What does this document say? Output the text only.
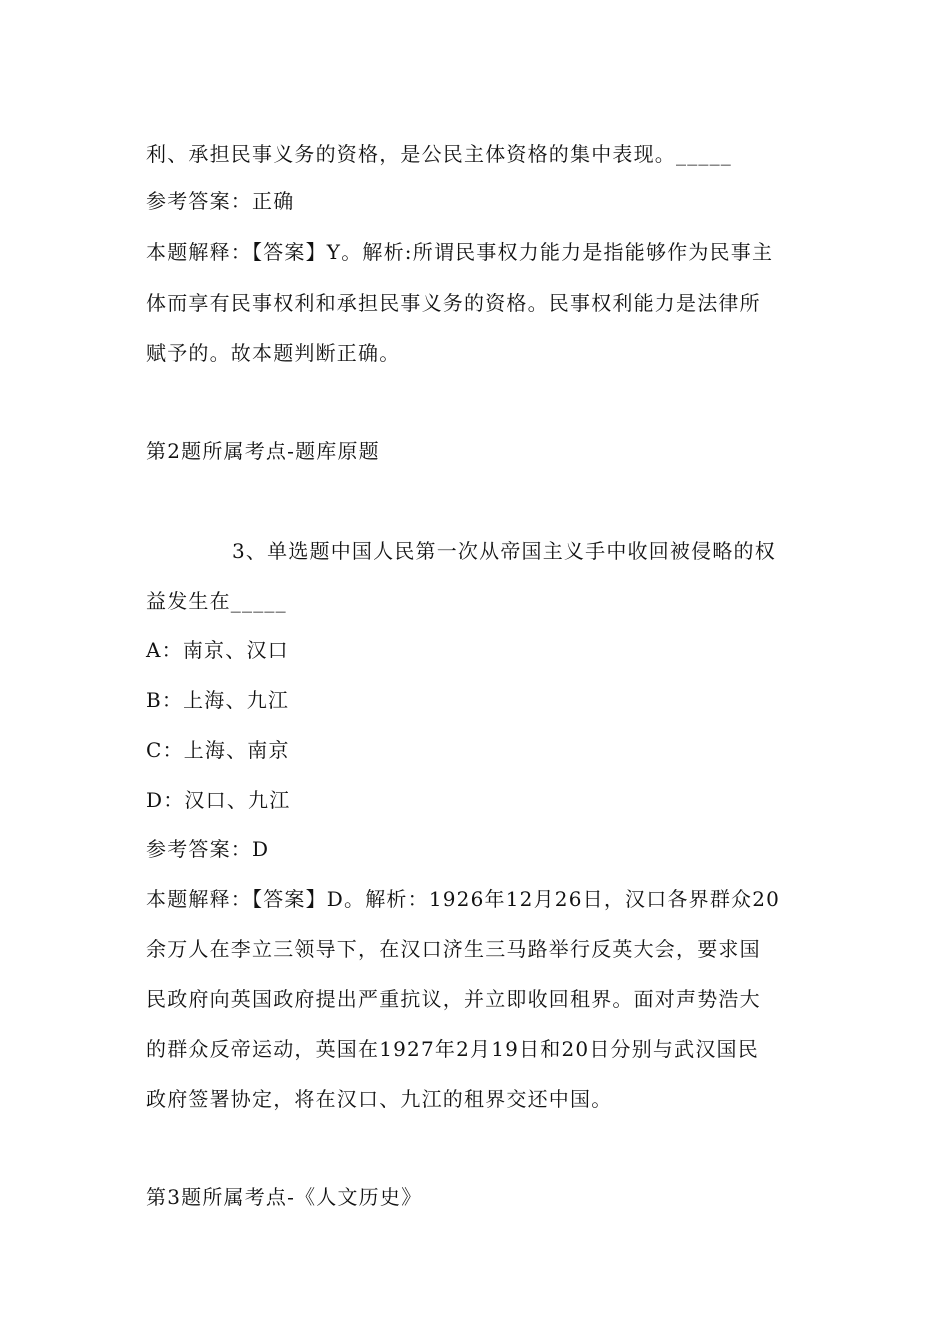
利、承担民事义务的资格，是公民主体资格的集中表现。_____
参考答案：正确
本题解释：【答案】Y。解析:所谓民事权力能力是指能够作为民事主
体而享有民事权利和承担民事义务的资格。民事权利能力是法律所
赋予的。故本题判断正确。
第2题所属考点-题库原题
3、单选题中国人民第一次从帝国主义手中收回被侵略的权
益发生在_____
A：南京、汉口
B：上海、九江
C：上海、南京
D：汉口、九江
参考答案：D
本题解释：【答案】D。解析：1926年12月26日，汉口各界群众20
余万人在李立三领导下，在汉口济生三马路举行反英大会，要求国
民政府向英国政府提出严重抗议，并立即收回租界。面对声势浩大
的群众反帝运动，英国在1927年2月19日和20日分别与武汉国民
政府签署协定，将在汉口、九江的租界交还中国。
第3题所属考点-《人文历史》
